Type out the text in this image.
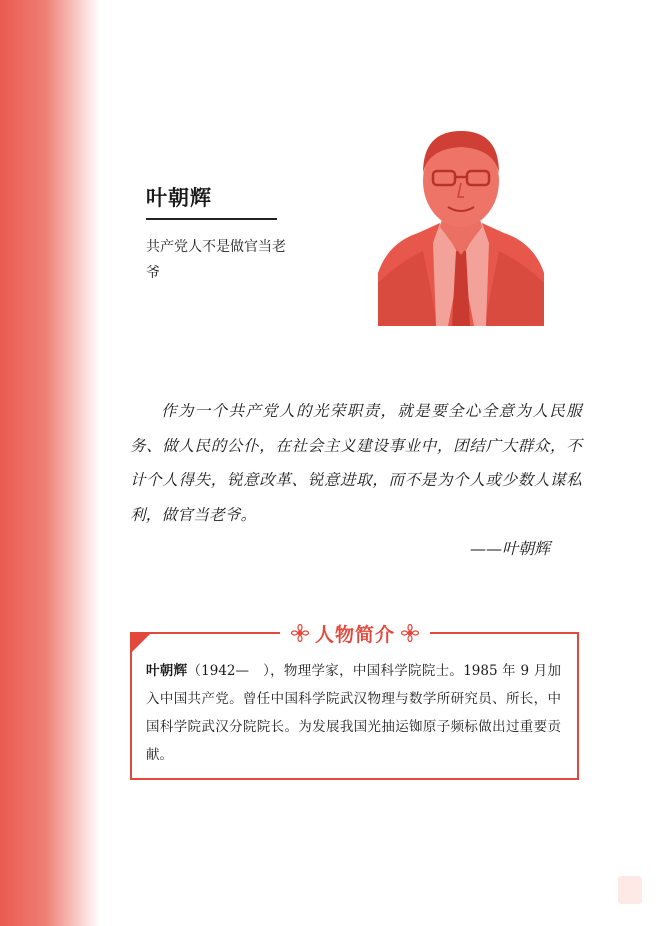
叶朝辉
共产党人不是做官当老爷
作为一个共产党人的光荣职责，就是要全心全意为人民服务、做人民的公仆，在社会主义建设事业中，团结广大群众，不计个人得失，锐意改革、锐意进取，而不是为个人或少数人谋私利，做官当老爷。
——叶朝辉
人物简介
叶朝辉（1942—　），物理学家，中国科学院院士。1985 年 9 月加入中国共产党。曾任中国科学院武汉物理与数学所研究员、所长，中国科学院武汉分院院长。为发展我国光抽运铷原子频标做出过重要贡献。
